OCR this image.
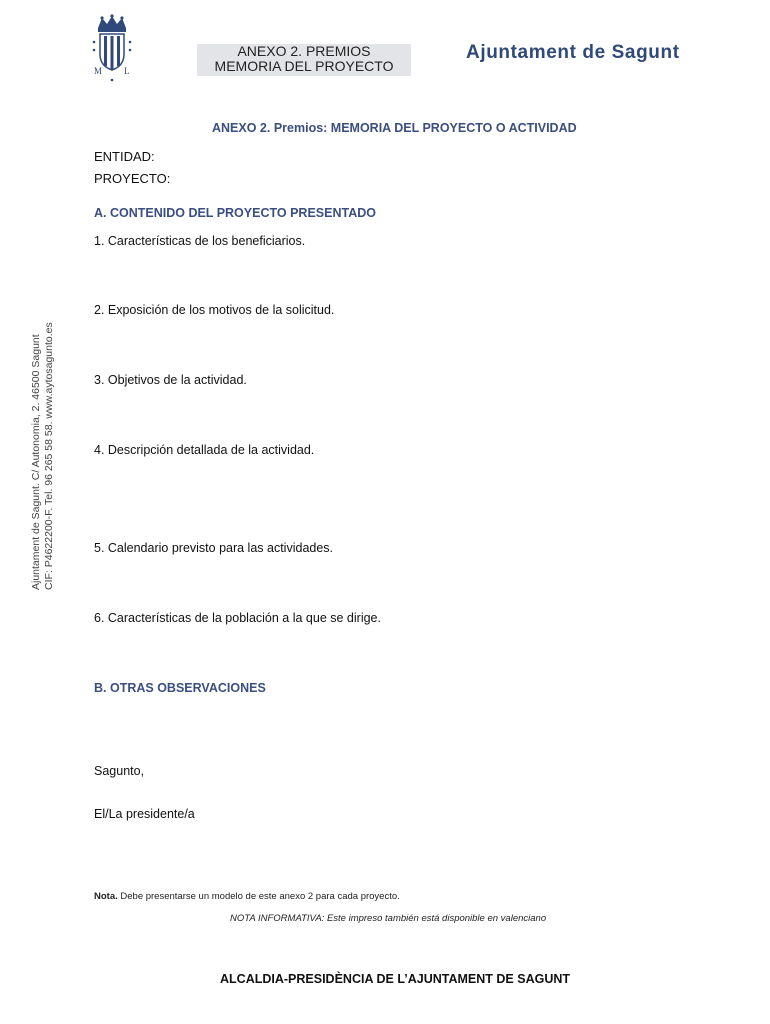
M L
ANEXO 2. PREMIOS
MEMORIA DEL PROYECTO
Ajuntament de Sagunt
Ajuntament de Sagunt. C/ Autonomia, 2. 46500 Sagunt CIF: P4622200-F. Tel. 96 265 58 58. www.aytosagunto.es
ANEXO 2. Premios: MEMORIA DEL PROYECTO O ACTIVIDAD
ENTIDAD:
PROYECTO:
A. CONTENIDO DEL PROYECTO PRESENTADO
1. Características de los beneficiarios.
2. Exposición de los motivos de la solicitud.
3. Objetivos de la actividad.
4. Descripción detallada de la actividad.
5. Calendario previsto para las actividades.
6. Características de la población a la que se dirige.
B. OTRAS OBSERVACIONES
Sagunto,
El/La presidente/a
Nota. Debe presentarse un modelo de este anexo 2 para cada proyecto.
NOTA INFORMATIVA: Este impreso también está disponible en valenciano
ALCALDIA-PRESIDÈNCIA DE L’AJUNTAMENT DE SAGUNT
